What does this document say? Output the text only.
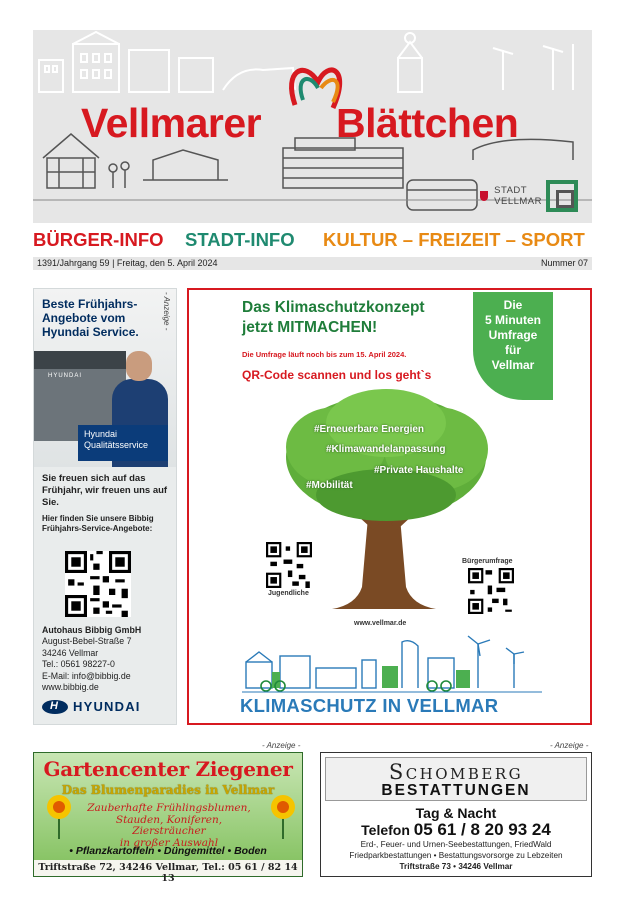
Vellmarer Blättchen
STADT
VELLMAR
BÜRGER-INFO STADT-INFO KULTUR – FREIZEIT – SPORT
1391/Jahrgang 59 | Freitag, den 5. April 2024	Nummer 07
Beste Frühjahrs-Angebote vom Hyundai Service.
HYUNDAI
Hyundai Qualitätsservice
Sie freuen sich auf das Frühjahr, wir freuen uns auf Sie.
Hier finden Sie unsere Bibbig Frühjahrs-Service-Angebote:
Autohaus Bibbig GmbH
August-Bebel-Straße 7
34246 Vellmar
Tel.: 0561 98227-0
E-Mail: info@bibbig.de
www.bibbig.de
H
HYUNDAI
- Anzeige -	Das Klimaschutzkonzept
jetzt MITMACHEN!
Die Umfrage läuft noch bis zum 15. April 2024.
QR-Code scannen und los geht`s
Die
5 Minuten
Umfrage
für
Vellmar
#Erneuerbare Energien
#Klimawandelanpassung
#Private Haushalte
#Mobilität
Jugendliche
Bürgerumfrage
www.vellmar.de
KLIMASCHUTZ IN VELLMAR
- Anzeige -
Gartencenter Ziegener
Das Blumenparadies in Vellmar
Zauberhafte Frühlingsblumen,
Stauden, Koniferen, Ziersträucher
in großer Auswahl
• Pflanzkartoffeln • Düngemittel • Boden
Triftstraße 72, 34246 Vellmar, Tel.: 05 61 / 82 14 13
- Anzeige -
Schomberg
BESTATTUNGEN
Tag & Nacht
Telefon 05 61 / 8 20 93 24
Erd-, Feuer- und Urnen-Seebestattungen, FriedWald
Friedparkbestattungen • Bestattungsvorsorge zu Lebzeiten
Triftstraße 73 • 34246 Vellmar
